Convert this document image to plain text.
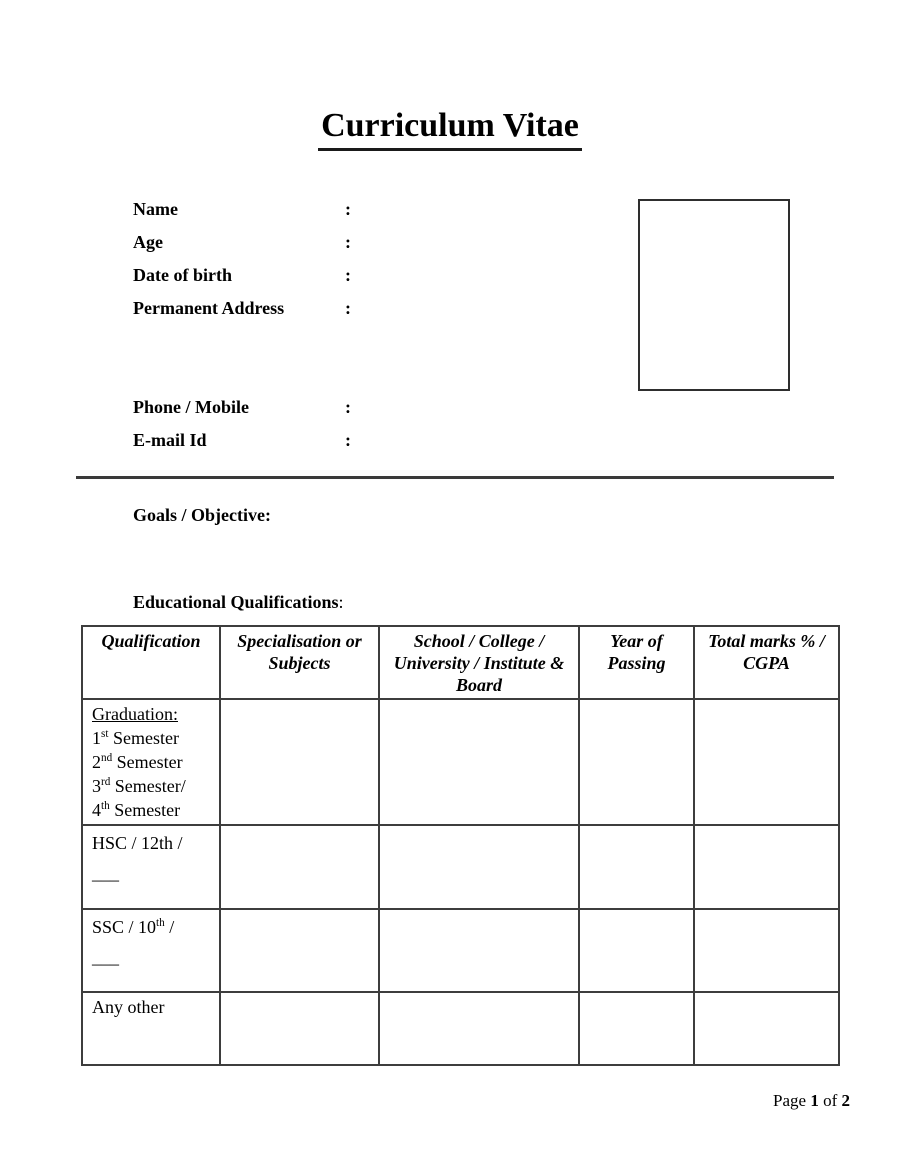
Curriculum Vitae
Name	:
Age	:
Date of birth	:
Permanent Address	:
Phone / Mobile	:
E-mail Id	:
Goals / Objective:
Educational Qualifications:
Qualification	Specialisation or Subjects	School / College / University / Institute & Board	Year of Passing	Total marks % / CGPA

Graduation:
1st Semester
2nd Semester
3rd Semester/
4th Semester				

HSC / 12th /
___				

SSC / 10th /
___				

Any other				

Page 1 of 2
